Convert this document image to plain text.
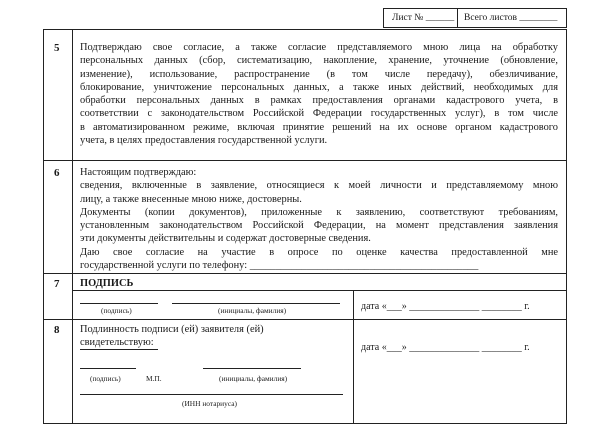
Лист № ______ Всего листов ________
5 Подтверждаю свое согласие, а также согласие представляемого мною лица на обработку
персональных данных (сбор, систематизацию, накопление, хранение, уточнение (обновление,
изменение), использование, распространение (в том числе передачу), обезличивание,
блокирование, уничтожение персональных данных, а также иных действий, необходимых для
обработки персональных данных в рамках предоставления органами кадастрового учета, в
соответствии с законодательством Российской Федерации государственных услуг), в том числе
в автоматизированном режиме, включая принятие решений на их основе органом кадастрового
учета, в целях предоставления государственной услуги.
6 Настоящим подтверждаю:
сведения, включенные в заявление, относящиеся к моей личности и представляемому мною
лицу, а также внесенные мною ниже, достоверны.
Документы (копии документов), приложенные к заявлению, соответствуют требованиям,
установленным законодательством Российской Федерации, на момент представления заявления
эти документы действительны и содержат достоверные сведения.
Даю свое согласие на участие в опросе по оценке качества предоставленной мне
государственной услуги по телефону: ____________________________________________
7 ПОДПИСЬ
(подпись)	(инициалы, фамилия)	дата «___» ______________ ________ г.
8 Подлинность подписи (ей) заявителя (ей)
свидетельствую:	дата «___» ______________ ________ г.
(подпись)	М.П.	(инициалы, фамилия)
(ИНН нотариуса)
